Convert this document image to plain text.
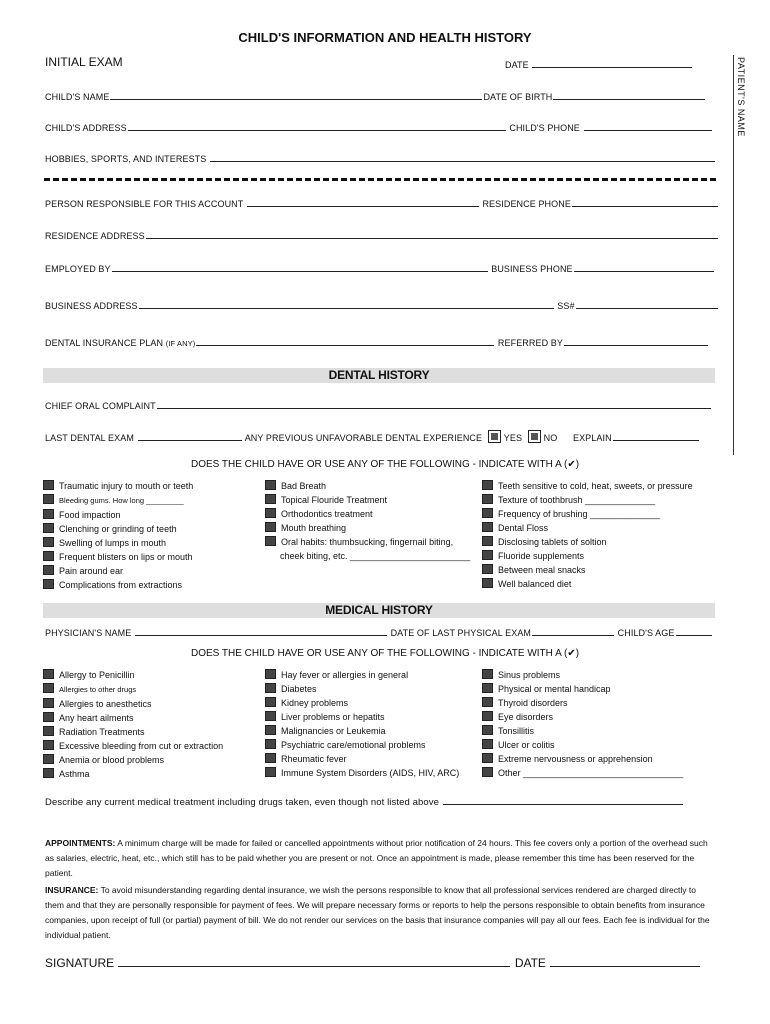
CHILD'S INFORMATION AND HEALTH HISTORY
INITIAL EXAM	DATE	PATIENT'S NAME
CHILD'S NAME	DATE OF BIRTH
CHILD'S ADDRESS	CHILD'S PHONE
HOBBIES, SPORTS, AND INTERESTS
PERSON RESPONSIBLE FOR THIS ACCOUNT	RESIDENCE PHONE
RESIDENCE ADDRESS
EMPLOYED BY	BUSINESS PHONE
BUSINESS ADDRESS	SS#
DENTAL INSURANCE PLAN (IF ANY)	REFERRED BY
DENTAL HISTORY
CHIEF ORAL COMPLAINT
LAST DENTAL EXAM	ANY PREVIOUS UNFAVORABLE DENTAL EXPERIENCE YES NO EXPLAIN
DOES THE CHILD HAVE OR USE ANY OF THE FOLLOWING - INDICATE WITH A (✔)
Traumatic injury to mouth or teeth
Bleeding gums. How long _________
Food impaction
Clenching or grinding of teeth
Swelling of lumps in mouth
Frequent blisters on lips or mouth
Pain around ear
Complications from extractions
Bad Breath
Topical Flouride Treatment
Orthodontics treatment
Mouth breathing
Oral habits: thumbsucking, fingernail biting,
cheek biting, etc. ________________________
Teeth sensitive to cold, heat, sweets, or pressure
Texture of toothbrush ______________
Frequency of brushing ______________
Dental Floss
Disclosing tablets of soltion
Fluoride supplements
Between meal snacks
Well balanced diet
MEDICAL HISTORY
PHYSICIAN'S NAME	DATE OF LAST PHYSICAL EXAM	CHILD'S AGE
DOES THE CHILD HAVE OR USE ANY OF THE FOLLOWING - INDICATE WITH A (✔)
Allergy to Penicillin
Allergies to other drugs
Allergies to anesthetics
Any heart ailments
Radiation Treatments
Excessive bleeding from cut or extraction
Anemia or blood problems
Asthma
Hay fever or allergies in general
Diabetes
Kidney problems
Liver problems or hepatits
Malignancies or Leukemia
Psychiatric care/emotional problems
Rheumatic fever
Immune System Disorders (AIDS, HIV, ARC)
Sinus problems
Physical or mental handicap
Thyroid disorders
Eye disorders
Tonsillitis
Ulcer or colitis
Extreme nervousness or apprehension
Other ________________________________
Describe any current medical treatment including drugs taken, even though not listed above
APPOINTMENTS: A minimum charge will be made for failed or cancelled appointments without prior notification of 24 hours. This fee covers only a portion of the overhead such as salaries, electric, heat, etc., which still has to be paid whether you are present or not. Once an appointment is made, please remember this time has been reserved for the patient.
INSURANCE: To avoid misunderstanding regarding dental insurance, we wish the persons responsible to know that all professional services rendered are charged directly to them and that they are personally responsible for payment of fees. We will prepare necessary forms or reports to help the persons responsible to obtain benefits from insurance companies, upon receipt of full (or partial) payment of bill. We do not render our services on the basis that insurance companies will pay all our fees. Each fee is individual for the individual patient.
SIGNATURE	DATE
